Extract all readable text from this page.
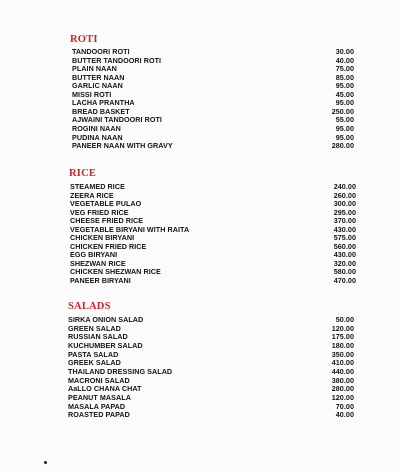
ROTI
TANDOORI ROTI	30.00
BUTTER TANDOORI ROTI	40.00
PLAIN NAAN	75.00
BUTTER NAAN	85.00
GARLIC NAAN	95.00
MISSI ROTI	45.00
LACHA PRANTHA	95.00
BREAD BASKET	250.00
AJWAINI TANDOORI ROTI	55.00
ROGINI NAAN	95.00
PUDINA NAAN	95.00
PANEER NAAN WITH GRAVY	280.00
RICE
STEAMED RICE	240.00
ZEERA RICE	260.00
VEGETABLE PULAO	300.00
VEG FRIED RICE	295.00
CHEESE FRIED RICE	370.00
VEGETABLE BIRYANI WITH RAITA	430.00
CHICKEN BIRYANI	575.00
CHICKEN FRIED RICE	560.00
EGG BIRYANI	430.00
SHEZWAN RICE	320.00
CHICKEN SHEZWAN RICE	580.00
PANEER BIRYANI	470.00
SALADS
SIRKA ONION SALAD	50.00
GREEN SALAD	120.00
RUSSIAN SALAD	175.00
KUCHUMBER SALAD	180.00
PASTA SALAD	350.00
GREEK SALAD	410.00
THAILAND DRESSING SALAD	440.00
MACRONI SALAD	380.00
AaLLO CHANA CHAT	280.00
PEANUT MASALA	120.00
MASALA PAPAD	70.00
ROASTED PAPAD	40.00
